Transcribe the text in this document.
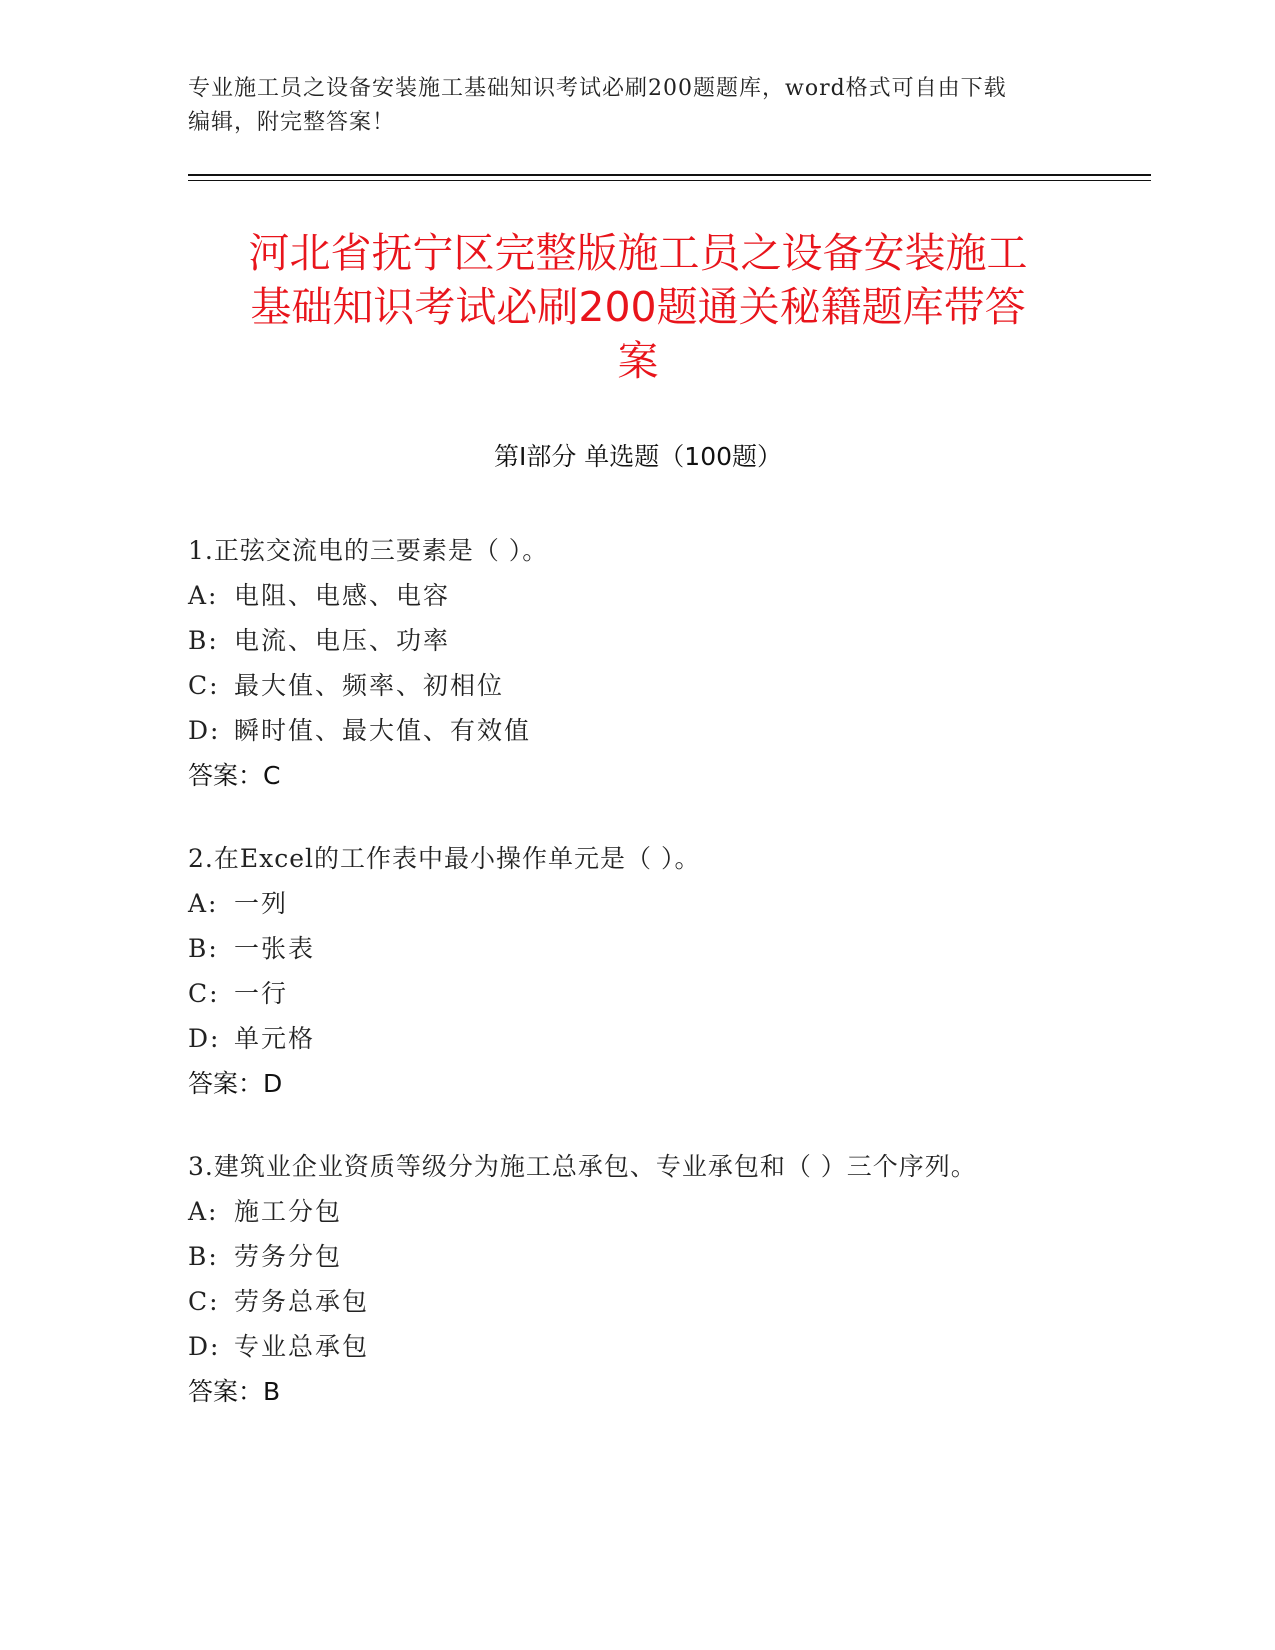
专业施工员之设备安装施工基础知识考试必刷200题题库，word格式可自由下载
编辑，附完整答案！
河北省抚宁区完整版施工员之设备安装施工
基础知识考试必刷200题通关秘籍题库带答
案
第Ⅰ部分 单选题（100题）
1.正弦交流电的三要素是（ ）。
A: 电阻、电感、电容
B: 电流、电压、功率
C: 最大值、频率、初相位
D: 瞬时值、最大值、有效值
答案：C
2.在Excel的工作表中最小操作单元是（ ）。
A: 一列
B: 一张表
C: 一行
D: 单元格
答案：D
3.建筑业企业资质等级分为施工总承包、专业承包和（ ）三个序列。
A: 施工分包
B: 劳务分包
C: 劳务总承包
D: 专业总承包
答案：B
